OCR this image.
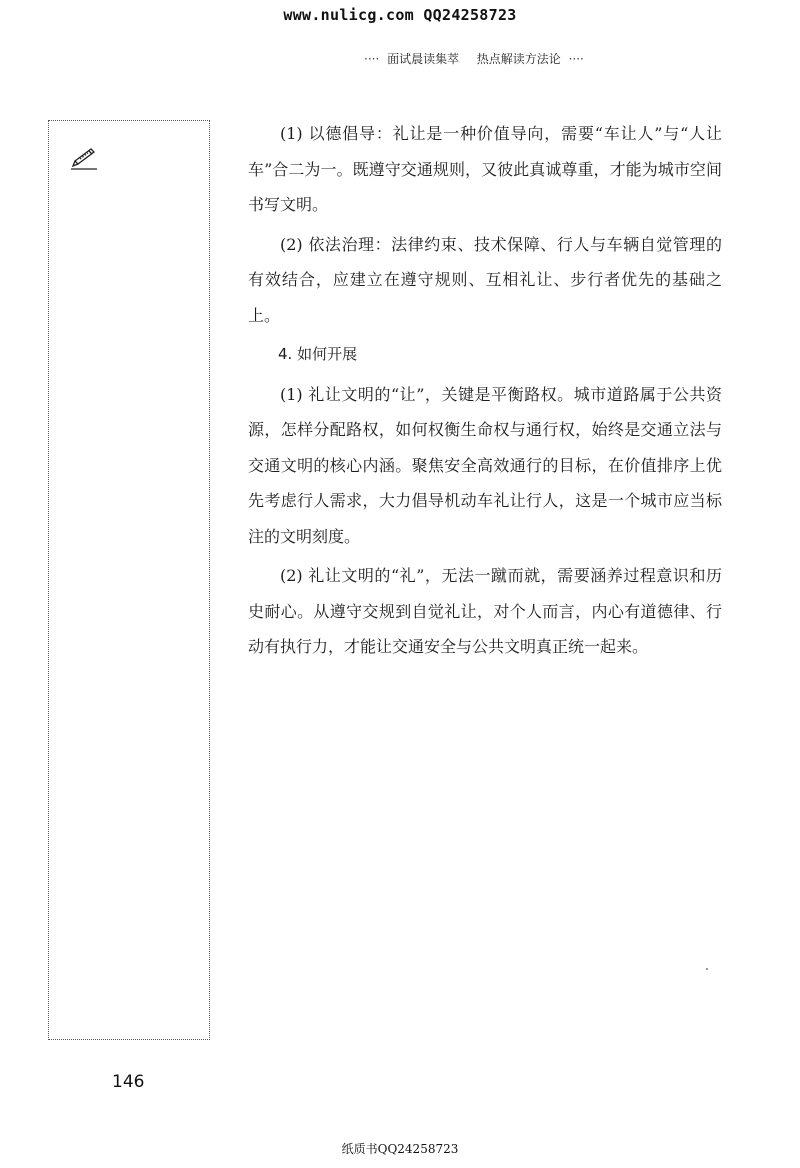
www.nulicg.com QQ24258723
···· 面试晨读集萃 热点解读方法论 ····

(1) 以德倡导：礼让是一种价值导向，需要“车让人”与“人让车”合二为一。既遵守交通规则，又彼此真诚尊重，才能为城市空间书写文明。

(2) 依法治理：法律约束、技术保障、行人与车辆自觉管理的有效结合，应建立在遵守规则、互相礼让、步行者优先的基础之上。

4. 如何开展

(1) 礼让文明的“让”，关键是平衡路权。城市道路属于公共资源，怎样分配路权，如何权衡生命权与通行权，始终是交通立法与交通文明的核心内涵。聚焦安全高效通行的目标，在价值排序上优先考虑行人需求，大力倡导机动车礼让行人，这是一个城市应当标注的文明刻度。

(2) 礼让文明的“礼”，无法一蹴而就，需要涵养过程意识和历史耐心。从遵守交规到自觉礼让，对个人而言，内心有道德律、行动有执行力，才能让交通安全与公共文明真正统一起来。

146
纸质书QQ24258723
